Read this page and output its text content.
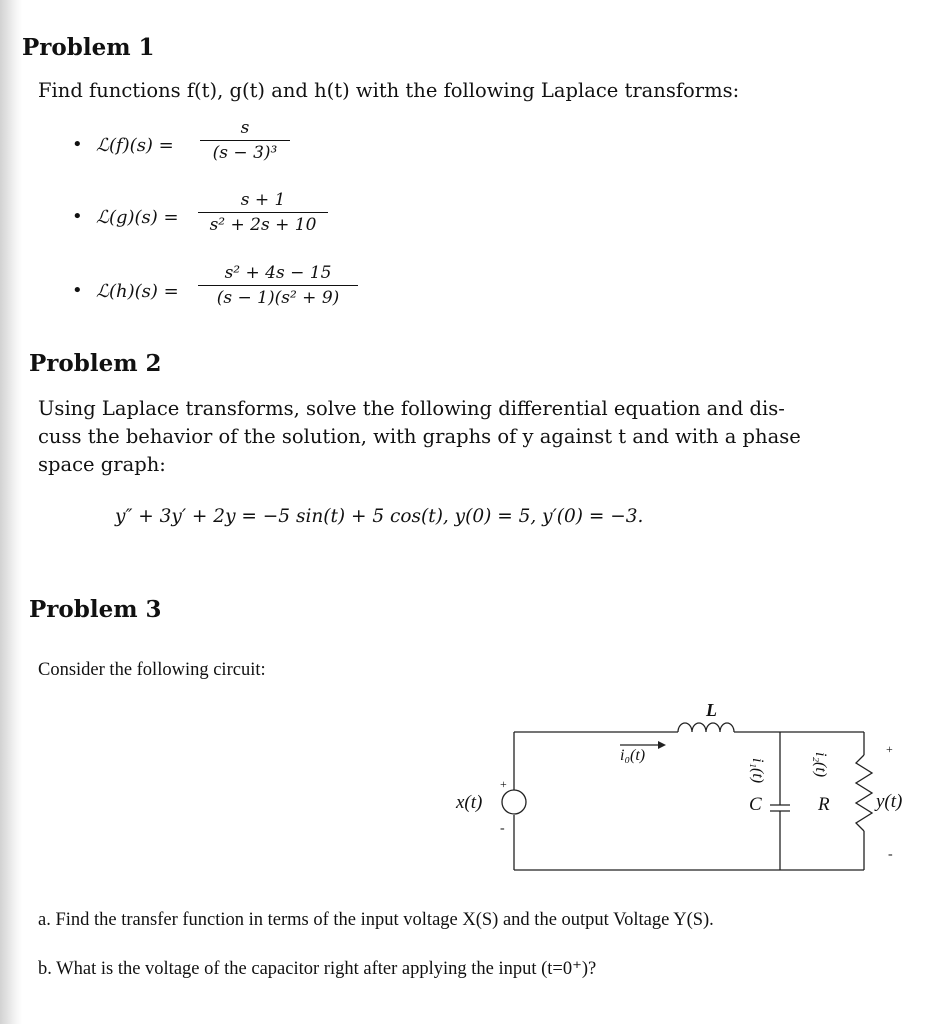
Problem 1
Find functions f(t), g(t) and h(t) with the following Laplace transforms:
• ℒ(f)(s) = $\frac{s}{\text{(s − 3)³}}$
• ℒ(g)(s) = $\frac{s + 1}{\text{s² + 2s + 10}}$
• ℒ(h)(s) = $\frac{\text{s² + 4s − 15}}{\text{(s − 1)(s² + 9)}}$
Problem 2
Using Laplace transforms, solve the following differential equation and dis-
cuss the behavior of the solution, with graphs of y against t and with a phase
space graph:
y″ + 3y′ + 2y = −5 sin(t) + 5 cos(t), y(0) = 5, y′(0) = −3.
Problem 3
Consider the following circuit:
+
-
x(t)
L
i₀(t)
i₁(t)	i₂(t)
C	R
+
-
y(t)
a. Find the transfer function in terms of the input voltage X(S) and the output Voltage Y(S).
b. What is the voltage of the capacitor right after applying the input (t=0⁺)?
